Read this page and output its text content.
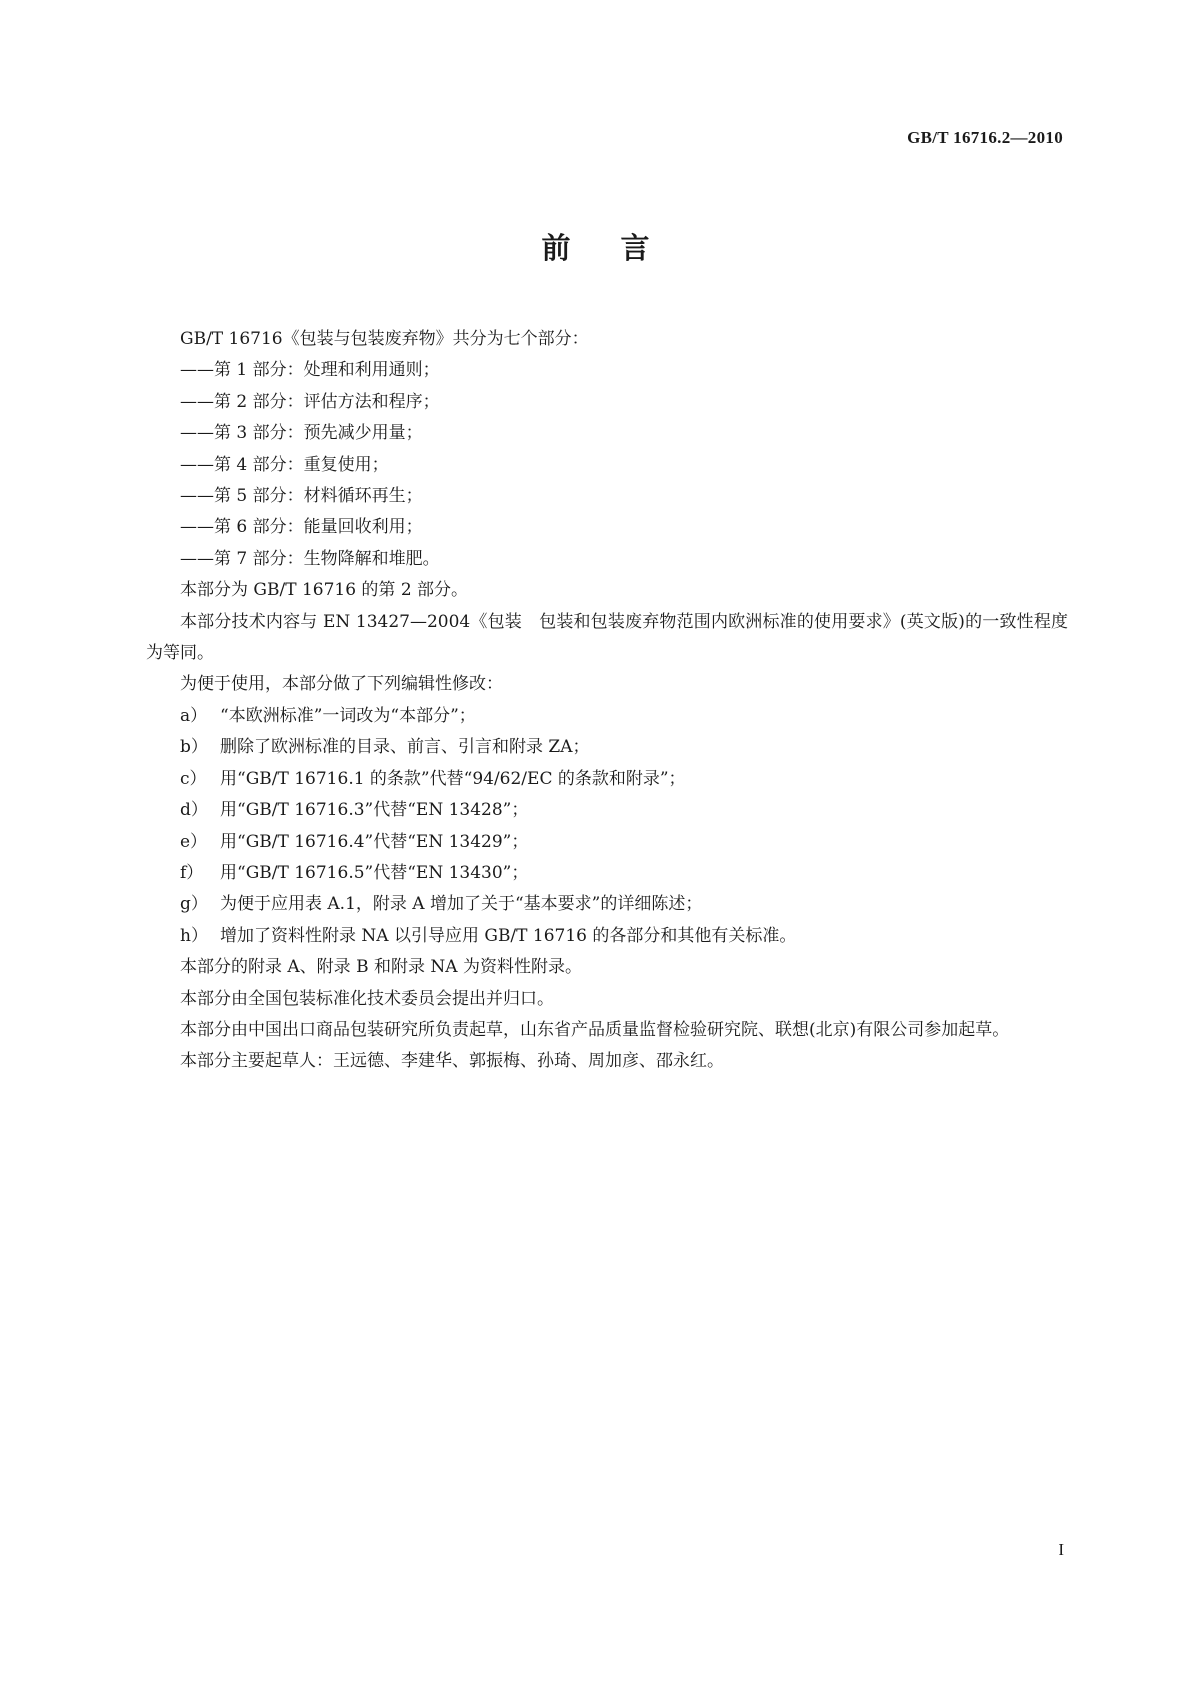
GB/T 16716.2—2010
前言

GB/T 16716《包装与包装废弃物》共分为七个部分：

——第 1 部分：处理和利用通则；

——第 2 部分：评估方法和程序；

——第 3 部分：预先减少用量；

——第 4 部分：重复使用；

——第 5 部分：材料循环再生；

——第 6 部分：能量回收利用；

——第 7 部分：生物降解和堆肥。

本部分为 GB/T 16716 的第 2 部分。

本部分技术内容与 EN 13427—2004《包装　包装和包装废弃物范围内欧洲标准的使用要求》(英文版)的一致性程度为等同。

为便于使用，本部分做了下列编辑性修改：

a） “本欧洲标准”一词改为“本部分”；
b） 删除了欧洲标准的目录、前言、引言和附录 ZA；
c） 用“GB/T 16716.1 的条款”代替“94/62/EC 的条款和附录”；
d） 用“GB/T 16716.3”代替“EN 13428”；
e） 用“GB/T 16716.4”代替“EN 13429”；
f） 用“GB/T 16716.5”代替“EN 13430”；
g） 为便于应用表 A.1，附录 A 增加了关于“基本要求”的详细陈述；
h） 增加了资料性附录 NA 以引导应用 GB/T 16716 的各部分和其他有关标准。

本部分的附录 A、附录 B 和附录 NA 为资料性附录。

本部分由全国包装标准化技术委员会提出并归口。

本部分由中国出口商品包装研究所负责起草，山东省产品质量监督检验研究院、联想(北京)有限公司参加起草。

本部分主要起草人：王远德、李建华、郭振梅、孙琦、周加彦、邵永红。

I
